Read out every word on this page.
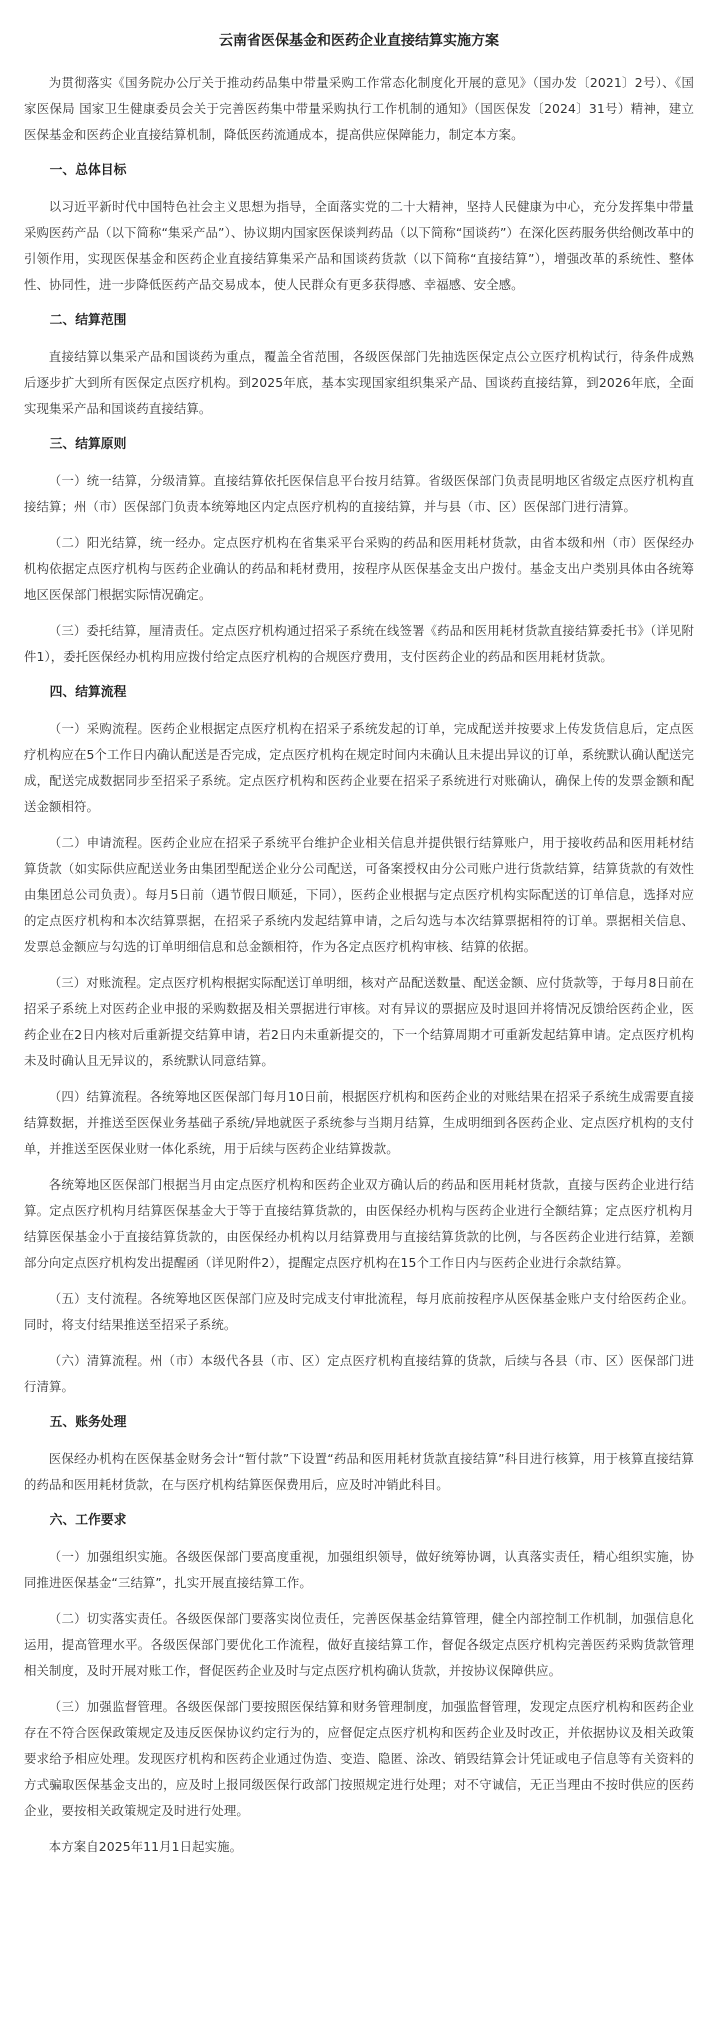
云南省医保基金和医药企业直接结算实施方案
为贯彻落实《国务院办公厅关于推动药品集中带量采购工作常态化制度化开展的意见》（国办发〔2021〕2号）、《国家医保局 国家卫生健康委员会关于完善医药集中带量采购执行工作机制的通知》（国医保发〔2024〕31号）精神，建立医保基金和医药企业直接结算机制，降低医药流通成本，提高供应保障能力，制定本方案。
一、总体目标
以习近平新时代中国特色社会主义思想为指导，全面落实党的二十大精神，坚持人民健康为中心，充分发挥集中带量采购医药产品（以下简称“集采产品”）、协议期内国家医保谈判药品（以下简称“国谈药”）在深化医药服务供给侧改革中的引领作用，实现医保基金和医药企业直接结算集采产品和国谈药货款（以下简称“直接结算”），增强改革的系统性、整体性、协同性，进一步降低医药产品交易成本，使人民群众有更多获得感、幸福感、安全感。
二、结算范围
直接结算以集采产品和国谈药为重点，覆盖全省范围，各级医保部门先抽选医保定点公立医疗机构试行，待条件成熟后逐步扩大到所有医保定点医疗机构。到2025年底，基本实现国家组织集采产品、国谈药直接结算，到2026年底，全面实现集采产品和国谈药直接结算。
三、结算原则
（一）统一结算，分级清算。直接结算依托医保信息平台按月结算。省级医保部门负责昆明地区省级定点医疗机构直接结算；州（市）医保部门负责本统筹地区内定点医疗机构的直接结算，并与县（市、区）医保部门进行清算。
（二）阳光结算，统一经办。定点医疗机构在省集采平台采购的药品和医用耗材货款，由省本级和州（市）医保经办机构依据定点医疗机构与医药企业确认的药品和耗材费用，按程序从医保基金支出户拨付。基金支出户类别具体由各统筹地区医保部门根据实际情况确定。
（三）委托结算，厘清责任。定点医疗机构通过招采子系统在线签署《药品和医用耗材货款直接结算委托书》（详见附件1），委托医保经办机构用应拨付给定点医疗机构的合规医疗费用，支付医药企业的药品和医用耗材货款。
四、结算流程
（一）采购流程。医药企业根据定点医疗机构在招采子系统发起的订单，完成配送并按要求上传发货信息后，定点医疗机构应在5个工作日内确认配送是否完成，定点医疗机构在规定时间内未确认且未提出异议的订单，系统默认确认配送完成，配送完成数据同步至招采子系统。定点医疗机构和医药企业要在招采子系统进行对账确认，确保上传的发票金额和配送金额相符。
（二）申请流程。医药企业应在招采子系统平台维护企业相关信息并提供银行结算账户，用于接收药品和医用耗材结算货款（如实际供应配送业务由集团型配送企业分公司配送，可备案授权由分公司账户进行货款结算，结算货款的有效性由集团总公司负责）。每月5日前（遇节假日顺延，下同），医药企业根据与定点医疗机构实际配送的订单信息，选择对应的定点医疗机构和本次结算票据，在招采子系统内发起结算申请，之后勾选与本次结算票据相符的订单。票据相关信息、发票总金额应与勾选的订单明细信息和总金额相符，作为各定点医疗机构审核、结算的依据。
（三）对账流程。定点医疗机构根据实际配送订单明细，核对产品配送数量、配送金额、应付货款等，于每月8日前在招采子系统上对医药企业申报的采购数据及相关票据进行审核。对有异议的票据应及时退回并将情况反馈给医药企业，医药企业在2日内核对后重新提交结算申请，若2日内未重新提交的，下一个结算周期才可重新发起结算申请。定点医疗机构未及时确认且无异议的，系统默认同意结算。
（四）结算流程。各统筹地区医保部门每月10日前，根据医疗机构和医药企业的对账结果在招采子系统生成需要直接结算数据，并推送至医保业务基础子系统/异地就医子系统参与当期月结算，生成明细到各医药企业、定点医疗机构的支付单，并推送至医保业财一体化系统，用于后续与医药企业结算拨款。
各统筹地区医保部门根据当月由定点医疗机构和医药企业双方确认后的药品和医用耗材货款，直接与医药企业进行结算。定点医疗机构月结算医保基金大于等于直接结算货款的，由医保经办机构与医药企业进行全额结算；定点医疗机构月结算医保基金小于直接结算货款的，由医保经办机构以月结算费用与直接结算货款的比例，与各医药企业进行结算，差额部分向定点医疗机构发出提醒函（详见附件2），提醒定点医疗机构在15个工作日内与医药企业进行余款结算。
（五）支付流程。各统筹地区医保部门应及时完成支付审批流程，每月底前按程序从医保基金账户支付给医药企业。同时，将支付结果推送至招采子系统。
（六）清算流程。州（市）本级代各县（市、区）定点医疗机构直接结算的货款，后续与各县（市、区）医保部门进行清算。
五、账务处理
医保经办机构在医保基金财务会计“暂付款”下设置“药品和医用耗材货款直接结算”科目进行核算，用于核算直接结算的药品和医用耗材货款，在与医疗机构结算医保费用后，应及时冲销此科目。
六、工作要求
（一）加强组织实施。各级医保部门要高度重视，加强组织领导，做好统筹协调，认真落实责任，精心组织实施，协同推进医保基金“三结算”，扎实开展直接结算工作。
（二）切实落实责任。各级医保部门要落实岗位责任，完善医保基金结算管理，健全内部控制工作机制，加强信息化运用，提高管理水平。各级医保部门要优化工作流程，做好直接结算工作，督促各级定点医疗机构完善医药采购货款管理相关制度，及时开展对账工作，督促医药企业及时与定点医疗机构确认货款，并按协议保障供应。
（三）加强监督管理。各级医保部门要按照医保结算和财务管理制度，加强监督管理，发现定点医疗机构和医药企业存在不符合医保政策规定及违反医保协议约定行为的，应督促定点医疗机构和医药企业及时改正，并依据协议及相关政策要求给予相应处理。发现医疗机构和医药企业通过伪造、变造、隐匿、涂改、销毁结算会计凭证或电子信息等有关资料的方式骗取医保基金支出的，应及时上报同级医保行政部门按照规定进行处理；对不守诚信，无正当理由不按时供应的医药企业，要按相关政策规定及时进行处理。
本方案自2025年11月1日起实施。
